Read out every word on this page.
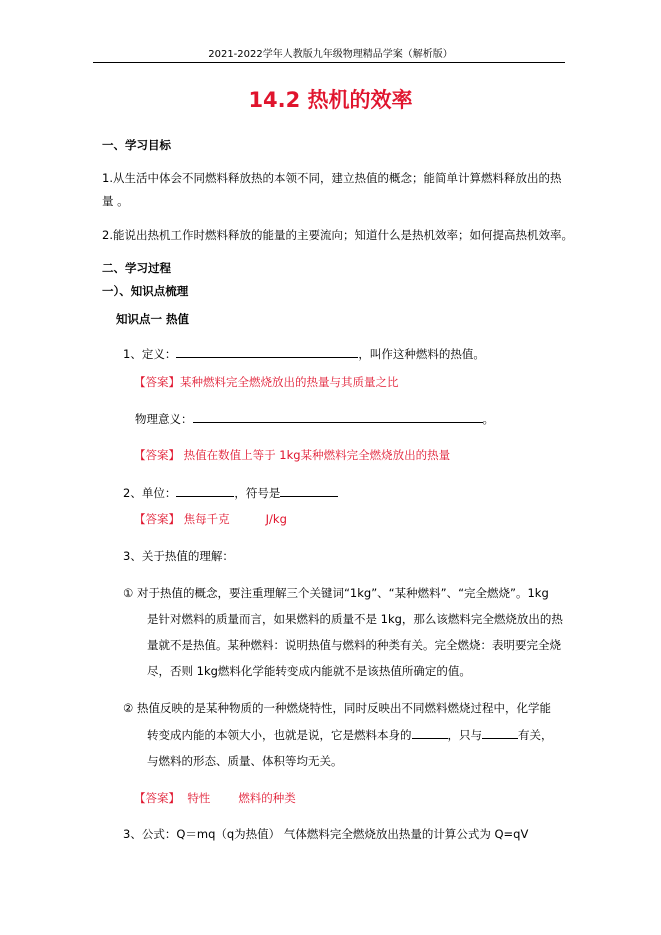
2021-2022学年人教版九年级物理精品学案（解析版）
14.2 热机的效率
一、学习目标
1.从生活中体会不同燃料释放热的本领不同，建立热值的概念；能简单计算燃料释放出的热
量 。
2.能说出热机工作时燃料释放的能量的主要流向；知道什么是热机效率；如何提高热机效率。
二、学习过程
一）、知识点梳理
知识点一 热值
1、定义：	，叫作这种燃料的热值。
【答案】某种燃料完全燃烧放出的热量与其质量之比
物理意义：	。
【答案】 热值在数值上等于 1kg某种燃料完全燃烧放出的热量
2、单位：	，符号是
【答案】 焦每千克	J/kg
3、关于热值的理解：
① 对于热值的概念，要注重理解三个关键词“1kg”、“某种燃料”、“完全燃烧”。1kg
是针对燃料的质量而言，如果燃料的质量不是 1kg，那么该燃料完全燃烧放出的热
量就不是热值。某种燃料：说明热值与燃料的种类有关。完全燃烧：表明要完全烧
尽，否则 1kg燃料化学能转变成内能就不是该热值所确定的值。
② 热值反映的是某种物质的一种燃烧特性，同时反映出不同燃料燃烧过程中，化学能
转变成内能的本领大小，也就是说，它是燃料本身的	，只与	有关，
与燃料的形态、质量、体积等均无关。
【答案】 特性 燃料的种类
3、公式：Q＝mq（q为热值） 气体燃料完全燃烧放出热量的计算公式为 Q=qV
